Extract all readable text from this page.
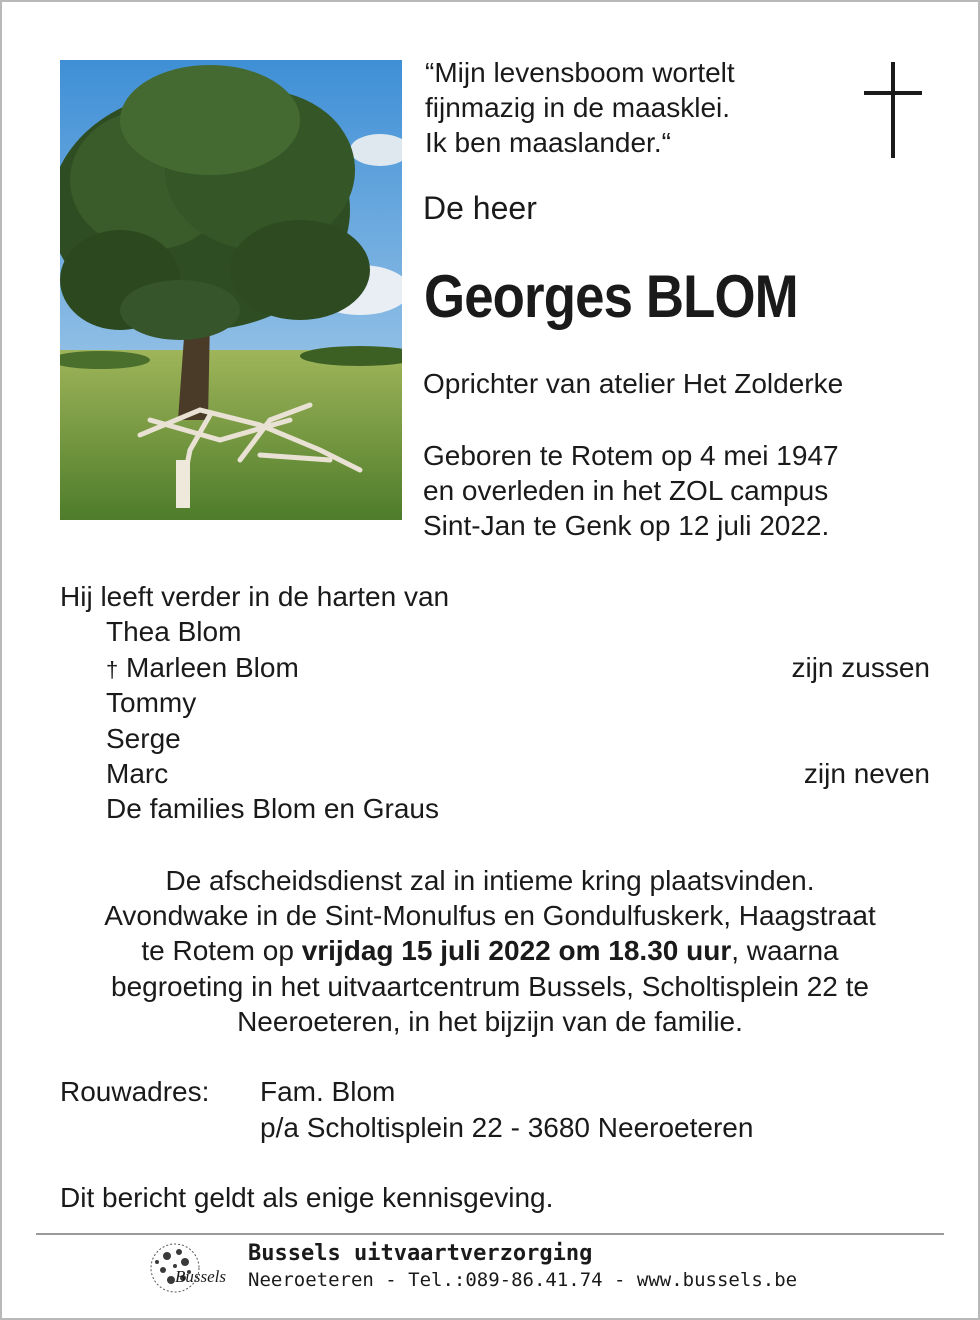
“Mijn levensboom wortelt
fijnmazig in de maasklei.
Ik ben maaslander.“
De heer
Georges BLOM
Oprichter van atelier Het Zolderke
Geboren te Rotem op 4 mei 1947
en overleden in het ZOL campus
Sint-Jan te Genk op 12 juli 2022.
Hij leeft verder in de harten van
Thea Blom
† Marleen Blom	zijn zussen
Tommy
Serge
Marc	zijn neven
De families Blom en Graus
De afscheidsdienst zal in intieme kring plaatsvinden.
Avondwake in de Sint-Monulfus en Gondulfuskerk, Haagstraat
te Rotem op vrijdag 15 juli 2022 om 18.30 uur, waarna
begroeting in het uitvaartcentrum Bussels, Scholtisplein 22 te
Neeroeteren, in het bijzijn van de familie.
Rouwadres: Fam. Blom
p/a Scholtisplein 22 - 3680 Neeroeteren
Dit bericht geldt als enige kennisgeving.
Bussels
Bussels uitvaartverzorging
Neeroeteren - Tel.:089-86.41.74 - www.bussels.be
